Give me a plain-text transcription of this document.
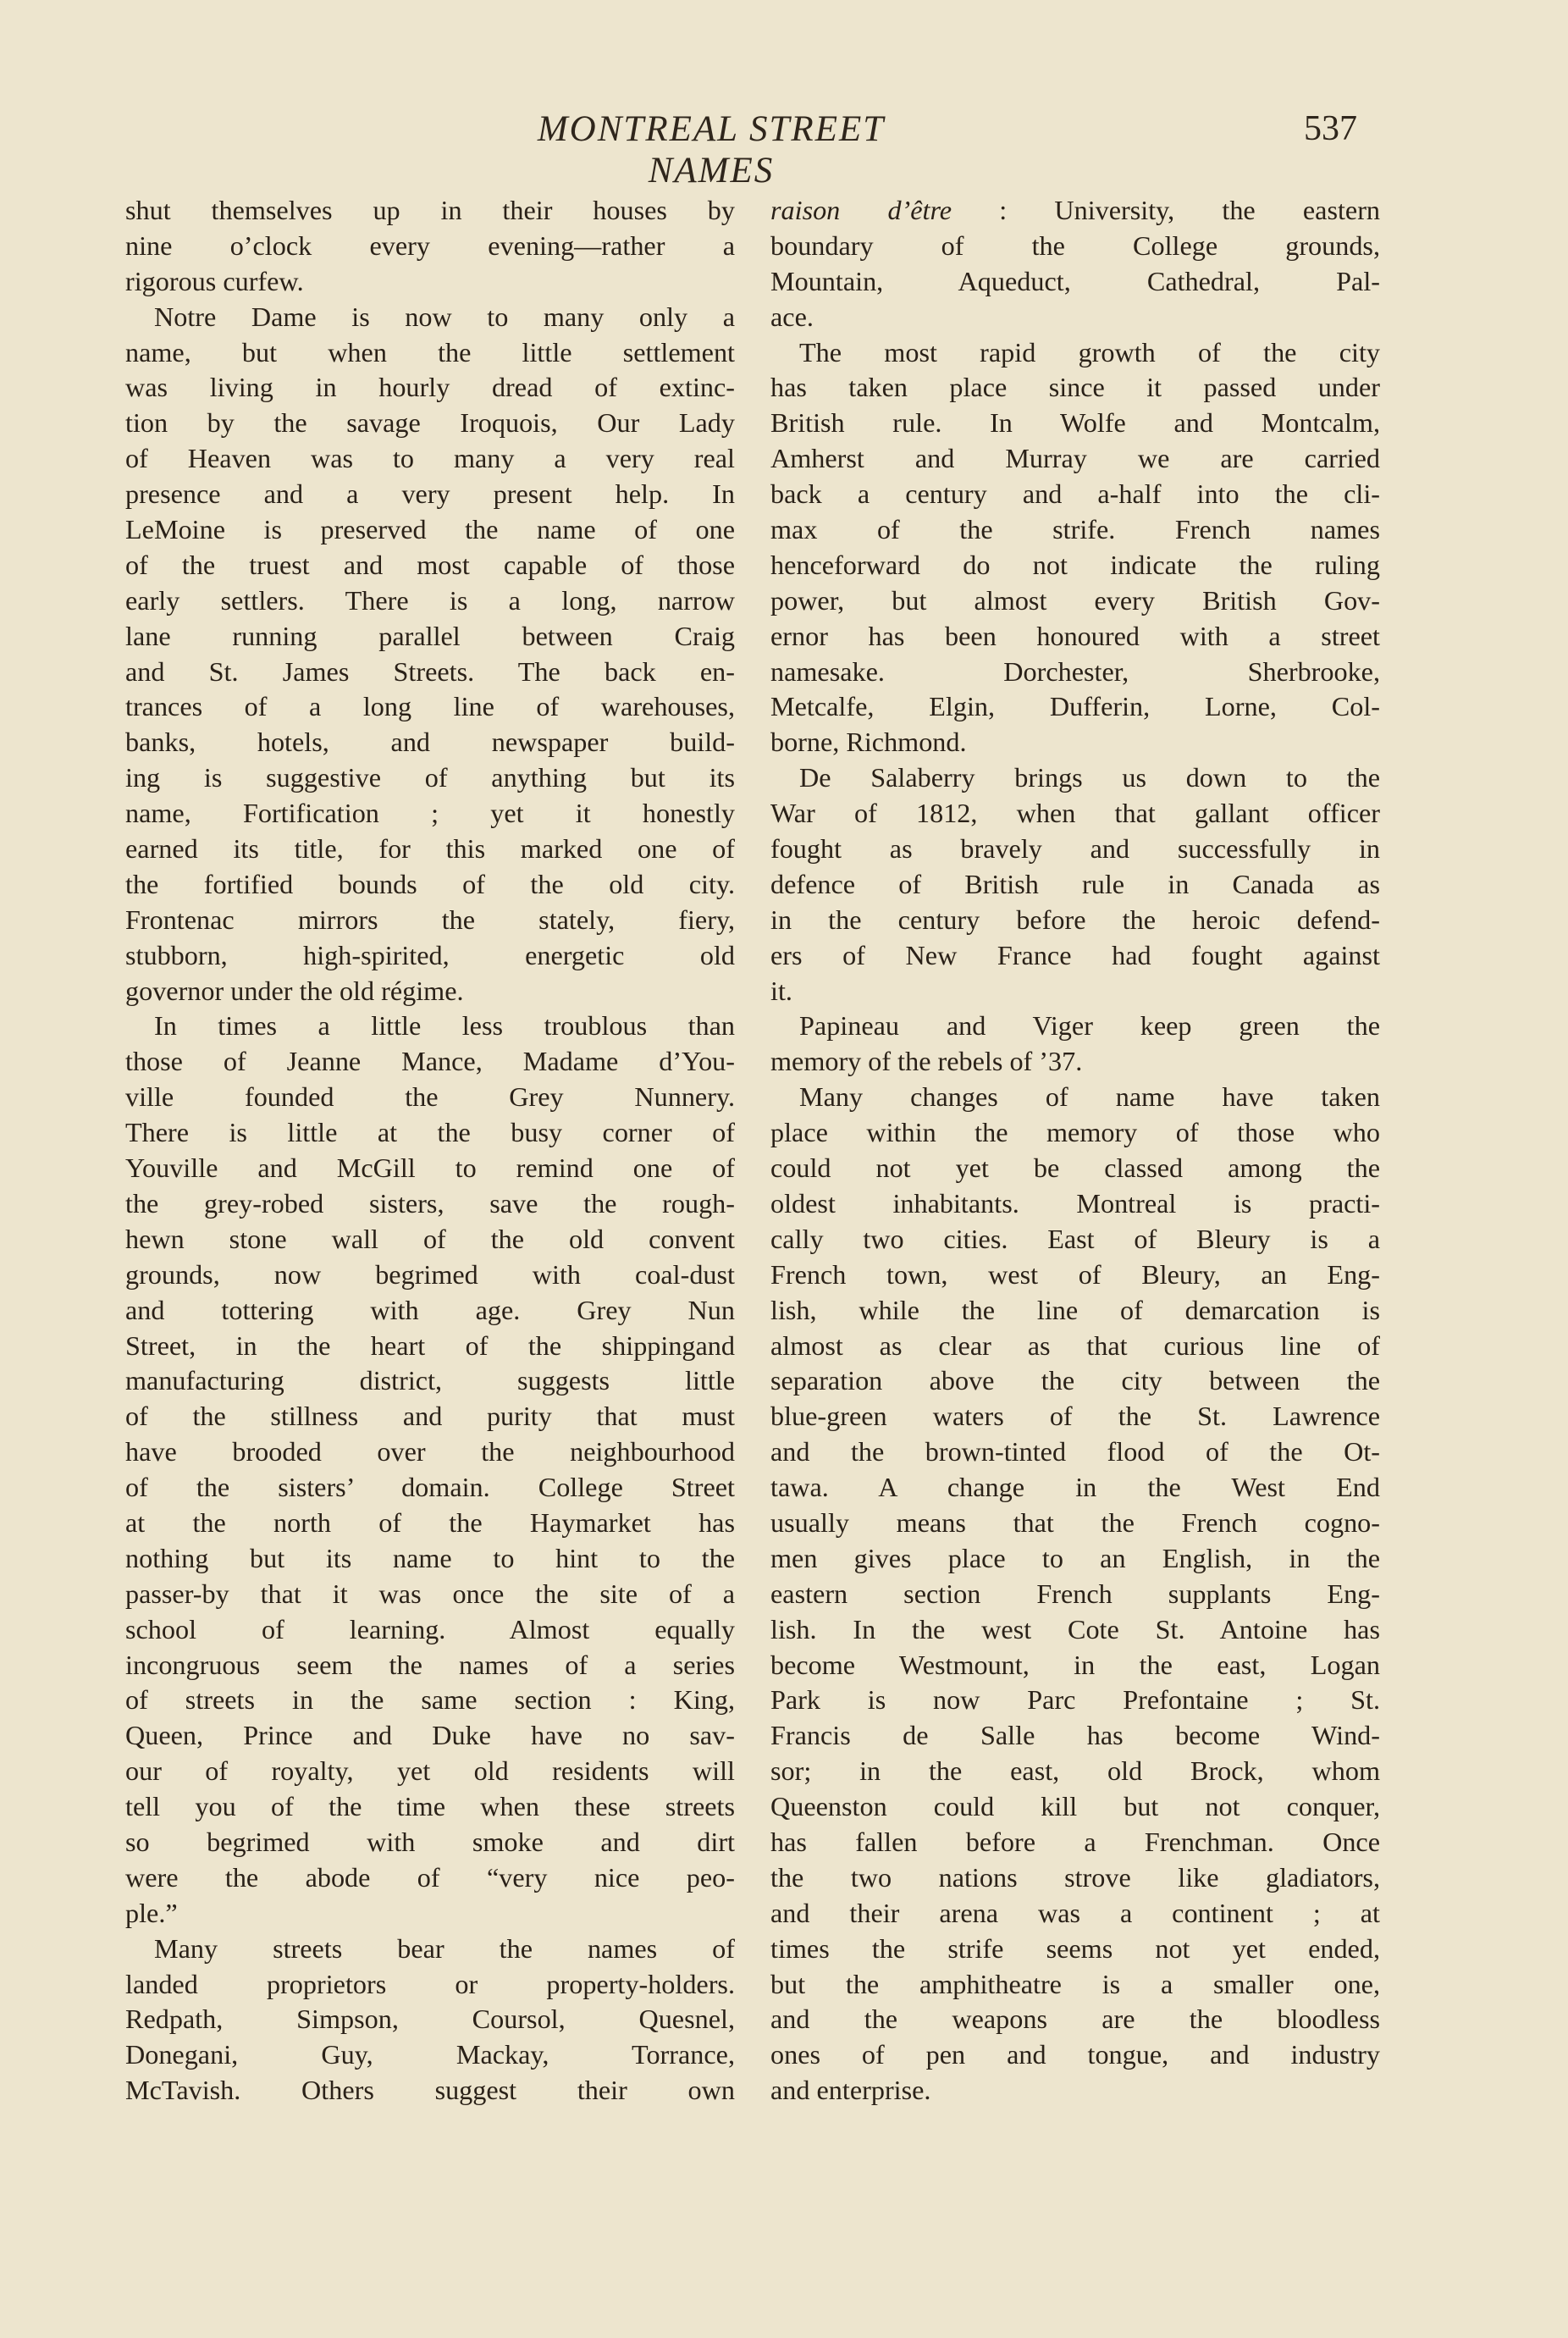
MONTREAL STREET NAMES
537
shut themselves up in their houses by
nine o’clock every evening—rather a
rigorous curfew.
Notre Dame is now to many only a
name, but when the little settlement
was living in hourly dread of extinc-
tion by the savage Iroquois, Our Lady
of Heaven was to many a very real
presence and a very present help. In
LeMoine is preserved the name of one
of the truest and most capable of those
early settlers. There is a long, narrow
lane running parallel between Craig
and St. James Streets. The back en-
trances of a long line of warehouses,
banks, hotels, and newspaper build-
ing is suggestive of anything but its
name, Fortification ; yet it honestly
earned its title, for this marked one of
the fortified bounds of the old city.
Frontenac mirrors the stately, fiery,
stubborn, high-spirited, energetic old
governor under the old régime.
In times a little less troublous than
those of Jeanne Mance, Madame d’You-
ville founded the Grey Nunnery.
There is little at the busy corner of
Youville and McGill to remind one of
the grey-robed sisters, save the rough-
hewn stone wall of the old convent
grounds, now begrimed with coal-dust
and tottering with age. Grey Nun
Street, in the heart of the shippingand
manufacturing district, suggests little
of the stillness and purity that must
have brooded over the neighbourhood
of the sisters’ domain. College Street
at the north of the Haymarket has
nothing but its name to hint to the
passer-by that it was once the site of a
school of learning. Almost equally
incongruous seem the names of a series
of streets in the same section : King,
Queen, Prince and Duke have no sav-
our of royalty, yet old residents will
tell you of the time when these streets
so begrimed with smoke and dirt
were the abode of “very nice peo-
ple.”
Many streets bear the names of
landed proprietors or property-holders.
Redpath, Simpson, Coursol, Quesnel,
Donegani, Guy, Mackay, Torrance,
McTavish. Others suggest their own
raison d’être : University, the eastern
boundary of the College grounds,
Mountain, Aqueduct, Cathedral, Pal-
ace.
The most rapid growth of the city
has taken place since it passed under
British rule. In Wolfe and Montcalm,
Amherst and Murray we are carried
back a century and a-half into the cli-
max of the strife. French names
henceforward do not indicate the ruling
power, but almost every British Gov-
ernor has been honoured with a street
namesake. Dorchester, Sherbrooke,
Metcalfe, Elgin, Dufferin, Lorne, Col-
borne, Richmond.
De Salaberry brings us down to the
War of 1812, when that gallant officer
fought as bravely and successfully in
defence of British rule in Canada as
in the century before the heroic defend-
ers of New France had fought against
it.
Papineau and Viger keep green the
memory of the rebels of ’37.
Many changes of name have taken
place within the memory of those who
could not yet be classed among the
oldest inhabitants. Montreal is practi-
cally two cities. East of Bleury is a
French town, west of Bleury, an Eng-
lish, while the line of demarcation is
almost as clear as that curious line of
separation above the city between the
blue-green waters of the St. Lawrence
and the brown-tinted flood of the Ot-
tawa. A change in the West End
usually means that the French cogno-
men gives place to an English, in the
eastern section French supplants Eng-
lish. In the west Cote St. Antoine has
become Westmount, in the east, Logan
Park is now Parc Prefontaine ; St.
Francis de Salle has become Wind-
sor; in the east, old Brock, whom
Queenston could kill but not conquer,
has fallen before a Frenchman. Once
the two nations strove like gladiators,
and their arena was a continent ; at
times the strife seems not yet ended,
but the amphitheatre is a smaller one,
and the weapons are the bloodless
ones of pen and tongue, and industry
and enterprise.
